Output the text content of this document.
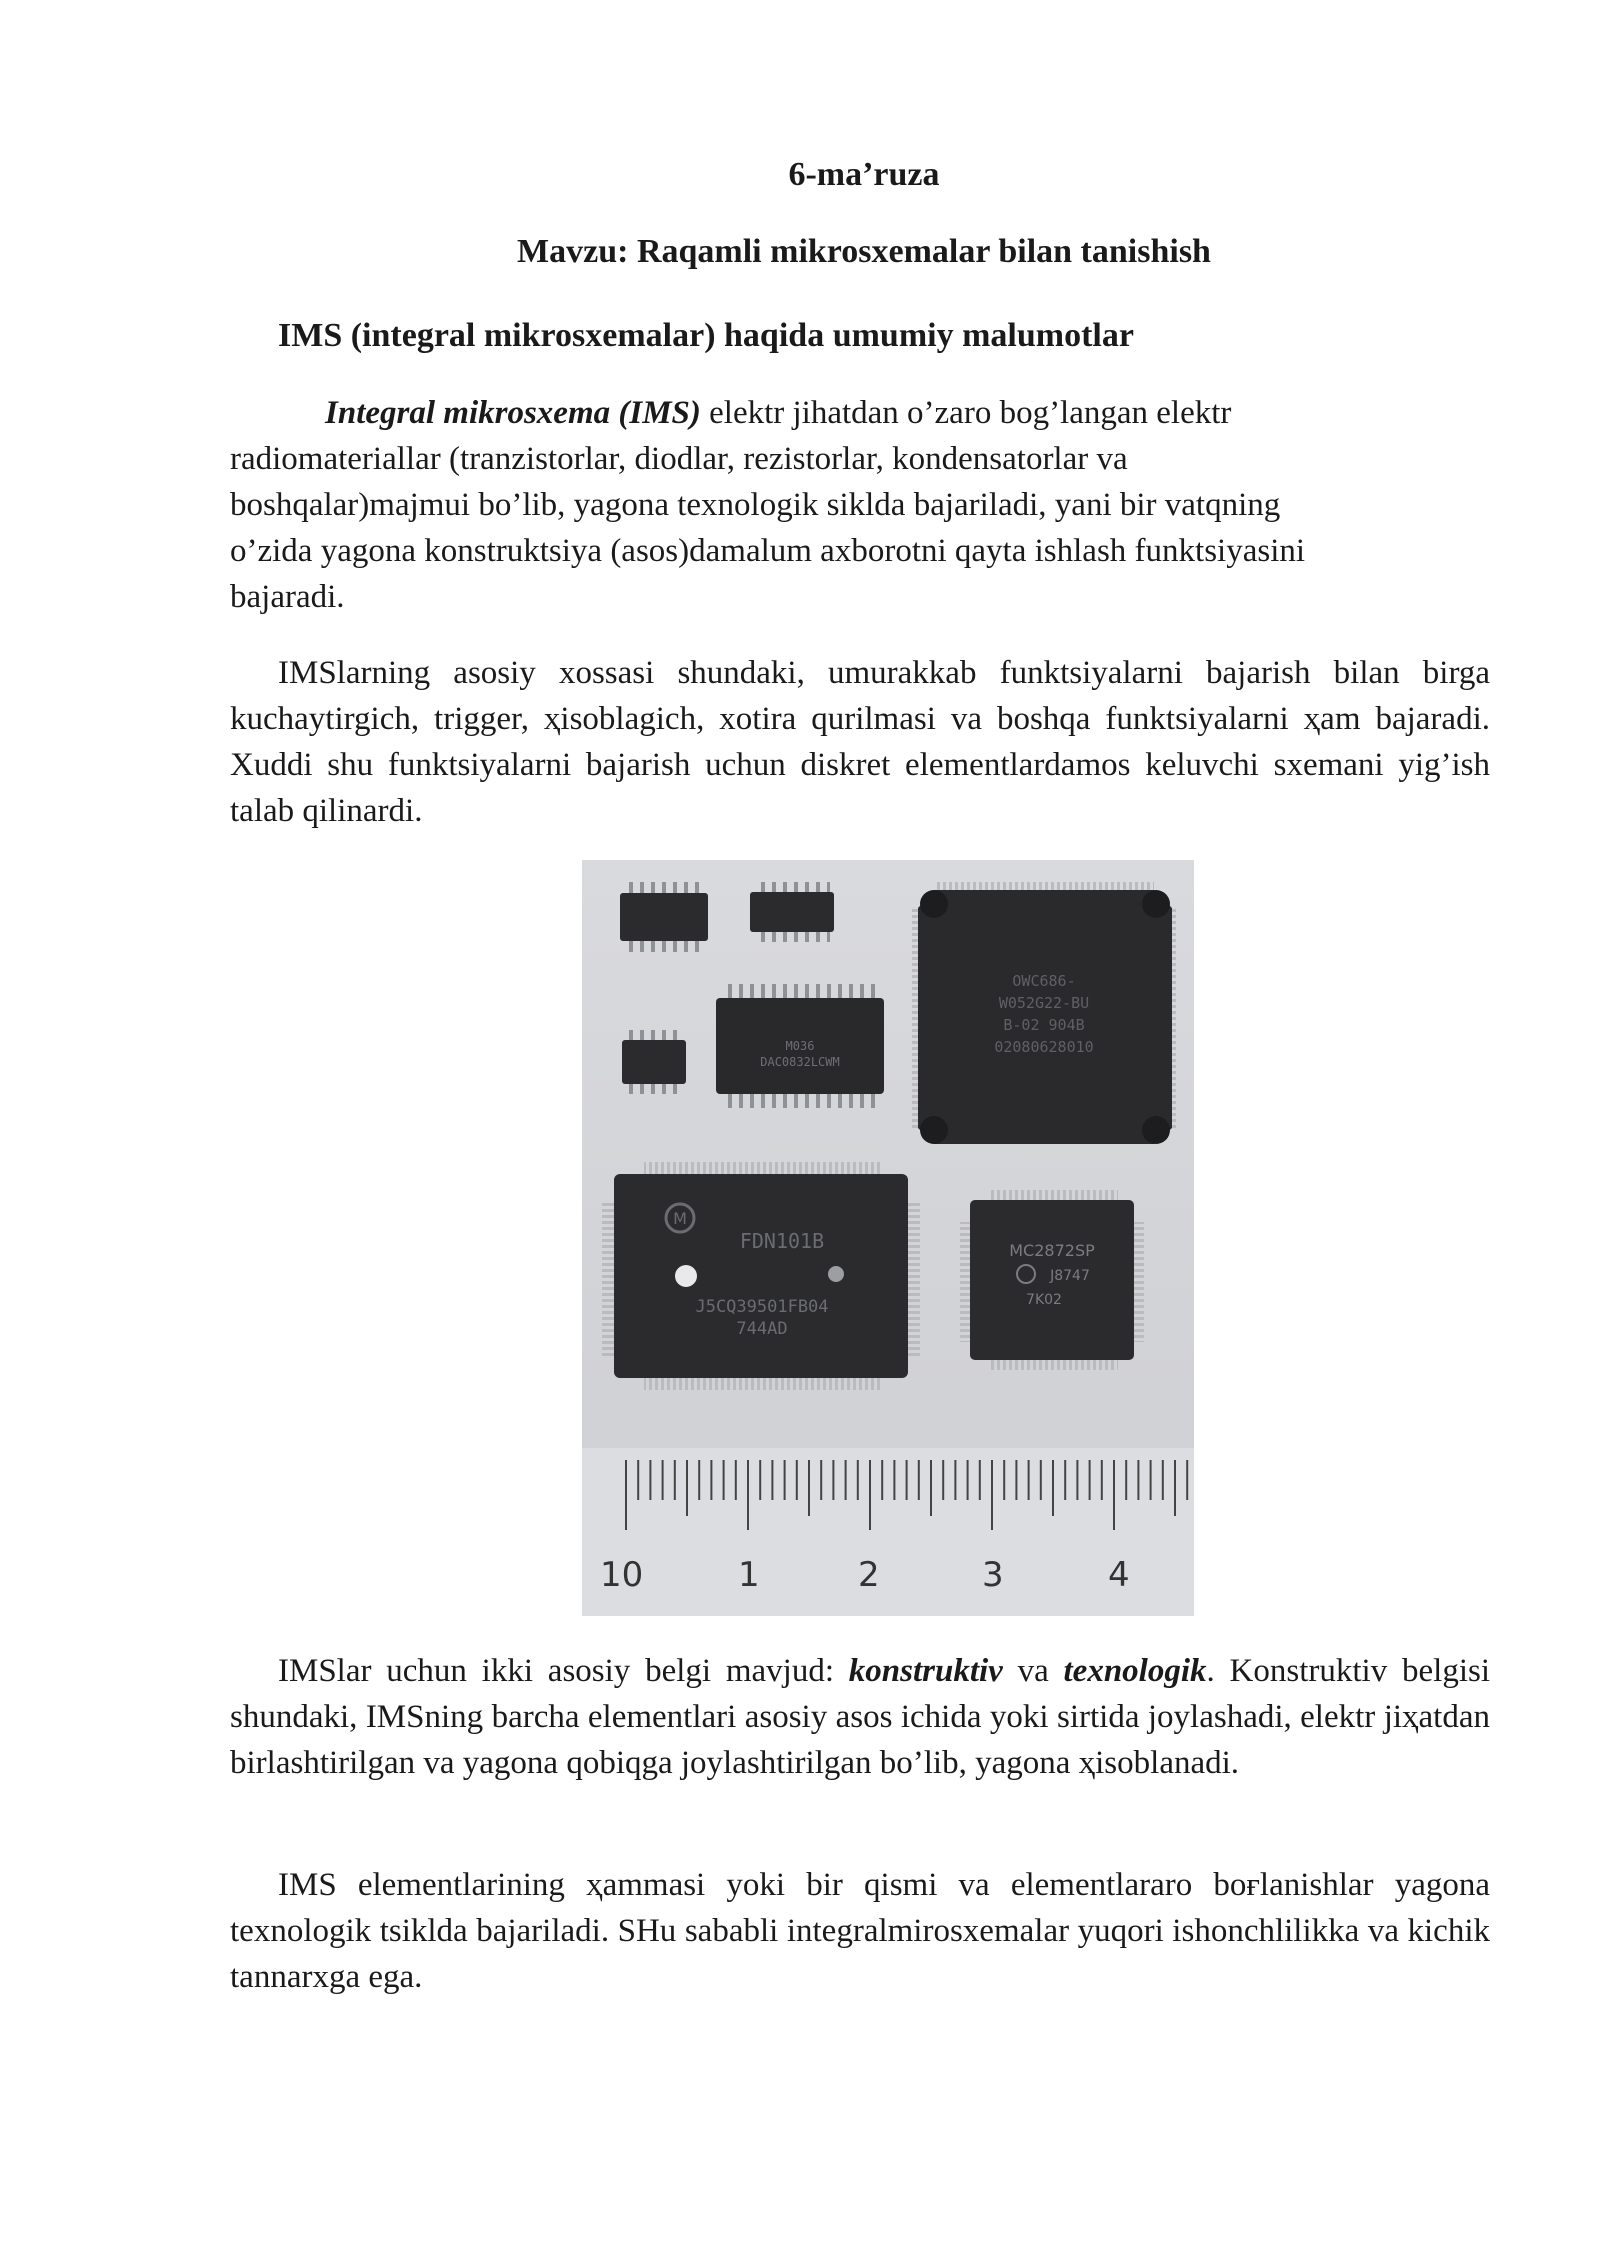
6-ma’ruza
Mavzu: Raqamli mikrosxemalar bilan tanishish
IMS (integral mikrosxemalar) haqida umumiy malumotlar
Integral mikrosxema (IMS) elektr jihatdan o’zaro bog’langan elektr
radiomateriallar (tranzistorlar, diodlar, rezistorlar, kondensatorlar va
boshqalar)majmui bo’lib, yagona texnologik siklda bajariladi, yani bir vatqning
o’zida yagona konstruktsiya (asos)damalum axborotni qayta ishlash funktsiyasini
bajaradi.

IMSlarning asosiy xossasi shundaki, umurakkab funktsiyalarni bajarish bilan birga kuchaytirgich, trigger, ҳisoblagich, xotira qurilmasi va boshqa funktsiyalarni ҳam bajaradi. Xuddi shu funktsiyalarni bajarish uchun diskret elementlardamos keluvchi sxemani yig’ish talab qilinardi.

M036
DAC0832LCWM
OWC686-
W052G22-BU
B-02 904B
02080628010
M
FDN101B
J5CQ39501FB04
744AD
MC2872SP
J8747
7K02
10	1	2	3	4

IMSlar uchun ikki asosiy belgi mavjud: konstruktiv va texnologik. Konstruktiv belgisi shundaki, IMSning barcha elementlari asosiy asos ichida yoki sirtida joylashadi, elektr jiҳatdan birlashtirilgan va yagona qobiqga joylashtirilgan bo’lib, yagona ҳisoblanadi.

IMS elementlarining ҳammasi yoki bir qismi va elementlararo boғlanishlar yagona texnologik tsiklda bajariladi. SHu sababli integralmirosxemalar yuqori ishonchlilikka va kichik tannarxga ega.
